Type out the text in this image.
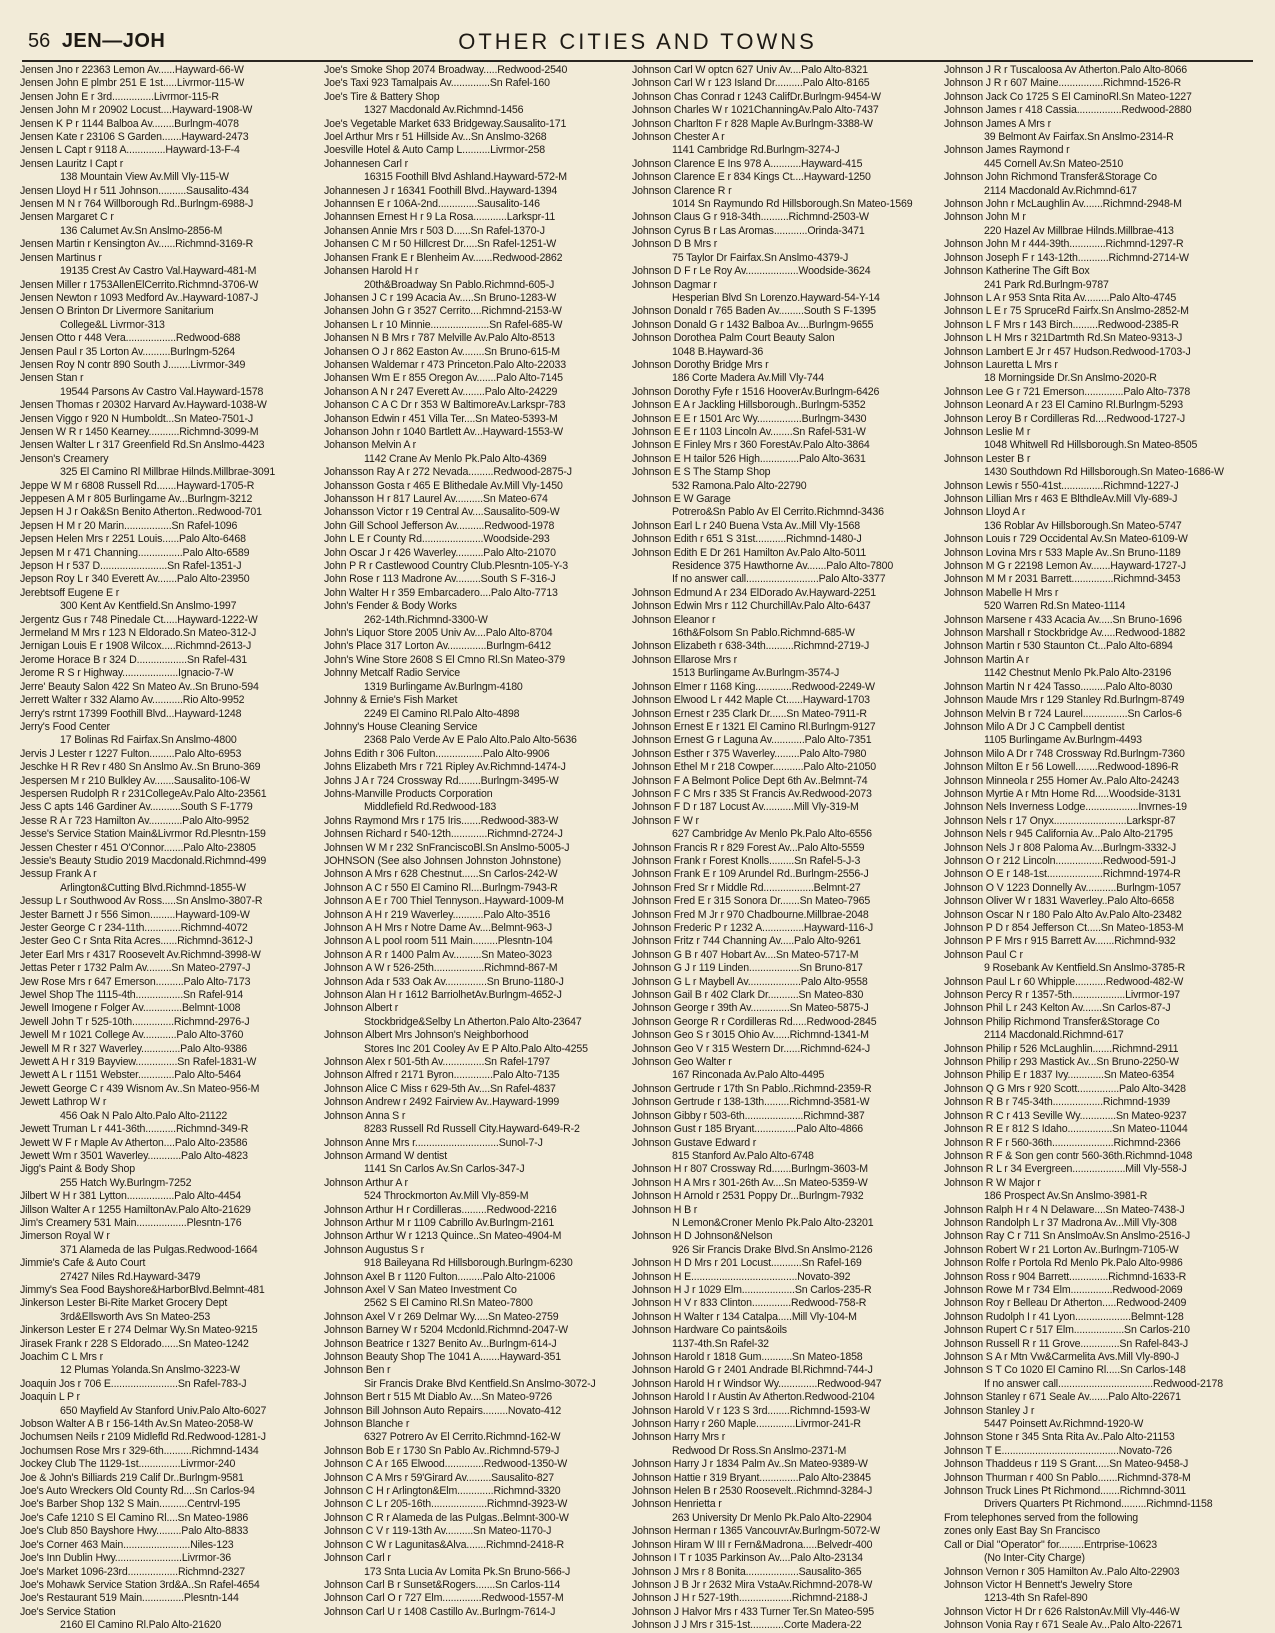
56 JEN—JOH	OTHER CITIES AND TOWNS
Jensen Jno r 22363 Lemon Av......Hayward-66-W
Jensen John E plmbr 251 E 1st.....Livrmor-115-W
Jensen John E r 3rd...............Livrmor-115-R
Jensen John M r 20902 Locust....Hayward-1908-W
Jensen K P r 1144 Balboa Av........Burlngm-4078
Jensen Kate r 23106 S Garden.......Hayward-2473
Jensen L Capt r 9118 A..............Hayward-13-F-4
Jensen Lauritz I Capt r
138 Mountain View Av.Mill Vly-115-W
Jensen Lloyd H r 511 Johnson..........Sausalito-434
Jensen M N r 764 Willborough Rd..Burlngm-6988-J
Jensen Margaret C r
136 Calumet Av.Sn Anslmo-2856-M
Jensen Martin r Kensington Av......Richmnd-3169-R
Jensen Martinus r
19135 Crest Av Castro Val.Hayward-481-M
Jensen Miller r 1753AllenElCerrito.Richmnd-3706-W
Jensen Newton r 1093 Medford Av..Hayward-1087-J
Jensen O Brinton Dr Livermore Sanitarium
College&L Livrmor-313
Jensen Otto r 448 Vera..................Redwood-688
Jensen Paul r 35 Lorton Av..........Burlngm-5264
Jensen Roy N contr 890 South J........Livrmor-349
Jensen Stan r
19544 Parsons Av Castro Val.Hayward-1578
Jensen Thomas r 20302 Harvard Av.Hayward-1038-W
Jensen Viggo r 920 N Humboldt...Sn Mateo-7501-J
Jensen W R r 1450 Kearney...........Richmnd-3099-M
Jensen Walter L r 317 Greenfield Rd.Sn Anslmo-4423
Jenson's Creamery
325 El Camino Rl Millbrae Hilnds.Millbrae-3091
Jeppe W M r 6808 Russell Rd.......Hayward-1705-R
Jeppesen A M r 805 Burlingame Av...Burlngm-3212
Jepsen H J r Oak&Sn Benito Atherton..Redwood-701
Jepsen H M r 20 Marin.................Sn Rafel-1096
Jepsen Helen Mrs r 2251 Louis......Palo Alto-6468
Jepsen M r 471 Channing................Palo Alto-6589
Jepson H r 537 D........................Sn Rafel-1351-J
Jepson Roy L r 340 Everett Av.......Palo Alto-23950
Jerebtsoff Eugene E r
300 Kent Av Kentfield.Sn Anslmo-1997
Jergentz Gus r 748 Pinedale Ct.....Hayward-1222-W
Jermeland M Mrs r 123 N Eldorado.Sn Mateo-312-J
Jernigan Louis E r 1908 Wilcox.....Richmnd-2613-J
Jerome Horace B r 324 D..................Sn Rafel-431
Jerome R S r Highway....................Ignacio-7-W
Jerre' Beauty Salon 422 Sn Mateo Av..Sn Bruno-594
Jerrett Walter r 332 Alamo Av...........Rio Alto-9952
Jerry's rstrnt 17399 Foothill Blvd...Hayward-1248
Jerry's Food Center
17 Bolinas Rd Fairfax.Sn Anslmo-4800
Jervis J Lester r 1227 Fulton.........Palo Alto-6953
Jeschke H R Rev r 480 Sn Anslmo Av..Sn Bruno-369
Jespersen M r 210 Bulkley Av.......Sausalito-106-W
Jespersen Rudolph R r 231CollegeAv.Palo Alto-23561
Jess C apts 146 Gardiner Av...........South S F-1779
Jesse R A r 723 Hamilton Av............Palo Alto-9952
Jesse's Service Station Main&Livrmor Rd.Plesntn-159
Jessen Chester r 451 O'Connor.......Palo Alto-23805
Jessie's Beauty Studio 2019 Macdonald.Richmnd-499
Jessup Frank A r
Arlington&Cutting Blvd.Richmnd-1855-W
Jessup L r Southwood Av Ross.....Sn Anslmo-3807-R
Jester Barnett J r 556 Simon.........Hayward-109-W
Jester George C r 234-11th.............Richmnd-4072
Jester Geo C r Snta Rita Acres......Richmnd-3612-J
Jeter Earl Mrs r 4317 Roosevelt Av.Richmnd-3998-W
Jettas Peter r 1732 Palm Av.........Sn Mateo-2797-J
Jew Rose Mrs r 647 Emerson..........Palo Alto-7173
Jewel Shop The 1115-4th.................Sn Rafel-914
Jewell Imogene r Folger Av..............Belmnt-1008
Jewell John T r 525-10th...............Richmnd-2976-J
Jewell M r 1021 College Av............Palo Alto-3760
Jewell M R r 327 Waverley..............Palo Alto-9386
Jewett A H r 319 Bayview...............Sn Rafel-1831-W
Jewett A L r 1151 Webster.............Palo Alto-5464
Jewett George C r 439 Wisnom Av..Sn Mateo-956-M
Jewett Lathrop W r
456 Oak N Palo Alto.Palo Alto-21122
Jewett Truman L r 441-36th...........Richmnd-349-R
Jewett W F r Maple Av Atherton....Palo Alto-23586
Jewett Wm r 3501 Waverley............Palo Alto-4823
Jigg's Paint & Body Shop
255 Hatch Wy.Burlngm-7252
Jilbert W H r 381 Lytton.................Palo Alto-4454
Jillson Walter A r 1255 HamiltonAv.Palo Alto-21629
Jim's Creamery 531 Main..................Plesntn-176
Jimerson Royal W r
371 Alameda de las Pulgas.Redwood-1664
Jimmie's Cafe & Auto Court
27427 Niles Rd.Hayward-3479
Jimmy's Sea Food Bayshore&HarborBlvd.Belmnt-481
Jinkerson Lester Bi-Rite Market Grocery Dept
3rd&Ellsworth Avs Sn Mateo-253
Jinkerson Lester E r 274 Delmar Wy.Sn Mateo-9215
Jirasek Frank r 228 S Eldorado......Sn Mateo-1242
Joachim C L Mrs r
12 Plumas Yolanda.Sn Anslmo-3223-W
Joaquin Jos r 706 E........................Sn Rafel-783-J
Joaquin L P r
650 Mayfield Av Stanford Univ.Palo Alto-6027
Jobson Walter A B r 156-14th Av.Sn Mateo-2058-W
Jochumsen Neils r 2109 Midlefld Rd.Redwood-1281-J
Jochumsen Rose Mrs r 329-6th..........Richmnd-1434
Jockey Club The 1129-1st...............Livrmor-240
Joe & John's Billiards 219 Calif Dr..Burlngm-9581
Joe's Auto Wreckers Old County Rd....Sn Carlos-94
Joe's Barber Shop 132 S Main..........Centrvl-195
Joe's Cafe 1210 S El Camino Rl....Sn Mateo-1986
Joe's Club 850 Bayshore Hwy.........Palo Alto-8833
Joe's Corner 463 Main........................Niles-123
Joe's Inn Dublin Hwy........................Livrmor-36
Joe's Market 1096-23rd..................Richmnd-2327
Joe's Mohawk Service Station 3rd&A..Sn Rafel-4654
Joe's Restaurant 519 Main...............Plesntn-144
Joe's Service Station
2160 El Camino Rl.Palo Alto-21620
Joe's Smoke Shop 2074 Broadway.....Redwood-2540
Joe's Taxi 923 Tamalpais Av..............Sn Rafel-160
Joe's Tire & Battery Shop
1327 Macdonald Av.Richmnd-1456
Joe's Vegetable Market 633 Bridgeway.Sausalito-171
Joel Arthur Mrs r 51 Hillside Av...Sn Anslmo-3268
Joesville Hotel & Auto Camp L..........Livrmor-258
Johannesen Carl r
16315 Foothill Blvd Ashland.Hayward-572-M
Johannesen J r 16341 Foothill Blvd..Hayward-1394
Johannsen E r 106A-2nd..............Sausalito-146
Johannsen Ernest H r 9 La Rosa............Larkspr-11
Johansen Annie Mrs r 503 D......Sn Rafel-1370-J
Johansen C M r 50 Hillcrest Dr.....Sn Rafel-1251-W
Johansen Frank E r Blenheim Av.......Redwood-2862
Johansen Harold H r
20th&Broadway Sn Pablo.Richmnd-605-J
Johansen J C r 199 Acacia Av.....Sn Bruno-1283-W
Johansen John G r 3527 Cerrito....Richmnd-2153-W
Johansen L r 10 Minnie.....................Sn Rafel-685-W
Johansen N B Mrs r 787 Melville Av.Palo Alto-8513
Johansen O J r 862 Easton Av........Sn Bruno-615-M
Johansen Waldemar r 473 Princeton.Palo Alto-22033
Johansen Wm E r 855 Oregon Av.......Palo Alto-7145
Johanson A N r 247 Everett Av........Palo Alto-24229
Johanson C A C Dr r 353 W BaltimoreAv.Larkspr-783
Johanson Edwin r 451 Villa Ter....Sn Mateo-5393-M
Johanson John r 1040 Bartlett Av...Hayward-1553-W
Johanson Melvin A r
1142 Crane Av Menlo Pk.Palo Alto-4369
Johansson Ray A r 272 Nevada.........Redwood-2875-J
Johansson Gosta r 465 E Blithedale Av.Mill Vly-1450
Johansson H r 817 Laurel Av..........Sn Mateo-674
Johansson Victor r 19 Central Av....Sausalito-509-W
John Gill School Jefferson Av..........Redwood-1978
John L E r County Rd......................Woodside-293
John Oscar J r 426 Waverley..........Palo Alto-21070
John P R r Castlewood Country Club.Plesntn-105-Y-3
John Rose r 113 Madrone Av.........South S F-316-J
John Walter H r 359 Embarcadero....Palo Alto-7713
John's Fender & Body Works
262-14th.Richmnd-3300-W
John's Liquor Store 2005 Univ Av....Palo Alto-8704
John's Place 317 Lorton Av..............Burlngm-6412
John's Wine Store 2608 S El Cmno Rl.Sn Mateo-379
Johnny Metcalf Radio Service
1319 Burlingame Av.Burlngm-4180
Johnny & Ernie's Fish Market
2249 El Camino Rl.Palo Alto-4898
Johnny's House Cleaning Service
2368 Palo Verde Av E Palo Alto.Palo Alto-5636
Johns Edith r 306 Fulton.................Palo Alto-9906
Johns Elizabeth Mrs r 721 Ripley Av.Richmnd-1474-J
Johns J A r 724 Crossway Rd........Burlngm-3495-W
Johns-Manville Products Corporation
Middlefield Rd.Redwood-183
Johns Raymond Mrs r 175 Iris.......Redwood-383-W
Johnsen Richard r 540-12th.............Richmnd-2724-J
Johnsen W M r 232 SnFranciscoBl.Sn Anslmo-5005-J
JOHNSON (See also Johnsen Johnston Johnstone)
Johnson A Mrs r 628 Chestnut......Sn Carlos-242-W
Johnson A C r 550 El Camino Rl....Burlngm-7943-R
Johnson A E r 700 Thiel Tennyson..Hayward-1009-M
Johnson A H r 219 Waverley...........Palo Alto-3516
Johnson A H Mrs r Notre Dame Av....Belmnt-963-J
Johnson A L pool room 511 Main.........Plesntn-104
Johnson A R r 1400 Palm Av..........Sn Mateo-3023
Johnson A W r 526-25th..................Richmnd-867-M
Johnson Ada r 533 Oak Av...............Sn Bruno-1180-J
Johnson Alan H r 1612 BarriolhetAv.Burlngm-4652-J
Johnson Albert r
Stockbridge&Selby Ln Atherton.Palo Alto-23647
Johnson Albert Mrs Johnson's Neighborhood
Stores Inc 201 Cooley Av E P Alto.Palo Alto-4255
Johnson Alex r 501-5th Av...............Sn Rafel-1797
Johnson Alfred r 2171 Byron..............Palo Alto-7135
Johnson Alice C Miss r 629-5th Av....Sn Rafel-4837
Johnson Andrew r 2492 Fairview Av..Hayward-1999
Johnson Anna S r
8283 Russell Rd Russell City.Hayward-649-R-2
Johnson Anne Mrs r..............................Sunol-7-J
Johnson Armand W dentist
1141 Sn Carlos Av.Sn Carlos-347-J
Johnson Arthur A r
524 Throckmorton Av.Mill Vly-859-M
Johnson Arthur H r Cordilleras.........Redwood-2216
Johnson Arthur M r 1109 Cabrillo Av.Burlngm-2161
Johnson Arthur W r 1213 Quince..Sn Mateo-4904-M
Johnson Augustus S r
918 Baileyana Rd Hillsborough.Burlngm-6230
Johnson Axel B r 1120 Fulton.........Palo Alto-21006
Johnson Axel V San Mateo Investment Co
2562 S El Camino Rl.Sn Mateo-7800
Johnson Axel V r 269 Delmar Wy.....Sn Mateo-2759
Johnson Barney W r 5204 Mcdonld.Richmnd-2047-W
Johnson Beatrice r 1327 Benito Av...Burlngm-614-J
Johnson Beauty Shop The 1041 A.......Hayward-351
Johnson Ben r
Sir Francis Drake Blvd Kentfield.Sn Anslmo-3072-J
Johnson Bert r 515 Mt Diablo Av....Sn Mateo-9726
Johnson Bill Johnson Auto Repairs.........Novato-412
Johnson Blanche r
6327 Potrero Av El Cerrito.Richmnd-162-W
Johnson Bob E r 1730 Sn Pablo Av..Richmnd-579-J
Johnson C A r 165 Elwood..............Redwood-1350-W
Johnson C A Mrs r 59'Girard Av.........Sausalito-827
Johnson C H r Arlington&Elm.............Richmnd-3320
Johnson C L r 205-16th....................Richmnd-3923-W
Johnson C R r Alameda de las Pulgas..Belmnt-300-W
Johnson C V r 119-13th Av..........Sn Mateo-1170-J
Johnson C W r Lagunitas&Alva.......Richmnd-2418-R
Johnson Carl r
173 Snta Lucia Av Lomita Pk.Sn Bruno-566-J
Johnson Carl B r Sunset&Rogers.......Sn Carlos-114
Johnson Carl O r 727 Elm..............Redwood-1557-M
Johnson Carl U r 1408 Castillo Av..Burlngm-7614-J
Johnson Carl W optcn 627 Univ Av....Palo Alto-8321
Johnson Carl W r 123 Island Dr..........Palo Alto-8165
Johnson Chas Conrad r 1243 CalifDr.Burlngm-9454-W
Johnson Charles W r 1021ChanningAv.Palo Alto-7437
Johnson Charlton F r 828 Maple Av.Burlngm-3388-W
Johnson Chester A r
1141 Cambridge Rd.Burlngm-3274-J
Johnson Clarence E Ins 978 A...........Hayward-415
Johnson Clarence E r 834 Kings Ct....Hayward-1250
Johnson Clarence R r
1014 Sn Raymundo Rd Hillsborough.Sn Mateo-1569
Johnson Claus G r 918-34th..........Richmnd-2503-W
Johnson Cyrus B r Las Aromas............Orinda-3471
Johnson D B Mrs r
75 Taylor Dr Fairfax.Sn Anslmo-4379-J
Johnson D F r Le Roy Av...................Woodside-3624
Johnson Dagmar r
Hesperian Blvd Sn Lorenzo.Hayward-54-Y-14
Johnson Donald r 765 Baden Av.........South S F-1395
Johnson Donald G r 1432 Balboa Av....Burlngm-9655
Johnson Dorothea Palm Court Beauty Salon
1048 B.Hayward-36
Johnson Dorothy Bridge Mrs r
186 Corte Madera Av.Mill Vly-744
Johnson Dorothy Fyfe r 1516 HooverAv.Burlngm-6426
Johnson E A r Jackling Hillsborough..Burlngm-5352
Johnson E E r 1501 Arc Wy................Burlngm-3430
Johnson E E r 1103 Lincoln Av........Sn Rafel-531-W
Johnson E Finley Mrs r 360 ForestAv.Palo Alto-3864
Johnson E H tailor 526 High..............Palo Alto-3631
Johnson E S The Stamp Shop
532 Ramona.Palo Alto-22790
Johnson E W Garage
Potrero&Sn Pablo Av El Cerrito.Richmnd-3436
Johnson Earl L r 240 Buena Vsta Av..Mill Vly-1568
Johnson Edith r 651 S 31st...........Richmnd-1480-J
Johnson Edith E Dr 261 Hamilton Av.Palo Alto-5011
Residence 375 Hawthorne Av.......Palo Alto-7800
If no answer call..........................Palo Alto-3377
Johnson Edmund A r 234 ElDorado Av.Hayward-2251
Johnson Edwin Mrs r 112 ChurchillAv.Palo Alto-6437
Johnson Eleanor r
16th&Folsom Sn Pablo.Richmnd-685-W
Johnson Elizabeth r 638-34th..........Richmnd-2719-J
Johnson Ellarose Mrs r
1513 Burlingame Av.Burlngm-3574-J
Johnson Elmer r 1168 King.............Redwood-2249-W
Johnson Elwood L r 442 Maple Ct......Hayward-1703
Johnson Ernest r 235 Clark Dr......Sn Mateo-7911-R
Johnson Ernest E r 1321 El Camino Rl.Burlngm-9127
Johnson Ernest G r Laguna Av............Palo Alto-7351
Johnson Esther r 375 Waverley.........Palo Alto-7980
Johnson Ethel M r 218 Cowper...........Palo Alto-21050
Johnson F A Belmont Police Dept 6th Av..Belmnt-74
Johnson F C Mrs r 335 St Francis Av.Redwood-2073
Johnson F D r 187 Locust Av...........Mill Vly-319-M
Johnson F W r
627 Cambridge Av Menlo Pk.Palo Alto-6556
Johnson Francis R r 829 Forest Av...Palo Alto-5559
Johnson Frank r Forest Knolls.........Sn Rafel-5-J-3
Johnson Frank E r 109 Arundel Rd..Burlngm-2556-J
Johnson Fred Sr r Middle Rd..................Belmnt-27
Johnson Fred E r 315 Sonora Dr.......Sn Mateo-7965
Johnson Fred M Jr r 970 Chadbourne.Millbrae-2048
Johnson Frederic P r 1232 A...............Hayward-116-J
Johnson Fritz r 744 Channing Av.....Palo Alto-9261
Johnson G B r 407 Hobart Av....Sn Mateo-5717-M
Johnson G J r 119 Linden..................Sn Bruno-817
Johnson G L r Maybell Av...................Palo Alto-9558
Johnson Gail B r 402 Clark Dr...........Sn Mateo-830
Johnson George r 39th Av..............Sn Mateo-5875-J
Johnson George R r Cordilleras Rd.....Redwood-2845
Johnson Geo S r 3015 Ohio Av......Richmnd-1341-M
Johnson Geo V r 315 Western Dr......Richmnd-624-J
Johnson Geo Walter r
167 Rinconada Av.Palo Alto-4495
Johnson Gertrude r 17th Sn Pablo..Richmnd-2359-R
Johnson Gertrude r 138-13th.........Richmnd-3581-W
Johnson Gibby r 503-6th.....................Richmnd-387
Johnson Gust r 185 Bryant...............Palo Alto-4866
Johnson Gustave Edward r
815 Stanford Av.Palo Alto-6748
Johnson H r 807 Crossway Rd.......Burlngm-3603-M
Johnson H A Mrs r 301-26th Av....Sn Mateo-5359-W
Johnson H Arnold r 2531 Poppy Dr...Burlngm-7932
Johnson H B r
N Lemon&Croner Menlo Pk.Palo Alto-23201
Johnson H D Johnson&Nelson
926 Sir Francis Drake Blvd.Sn Anslmo-2126
Johnson H D Mrs r 201 Locust...........Sn Rafel-169
Johnson H E......................................Novato-392
Johnson H J r 1029 Elm...................Sn Carlos-235-R
Johnson H V r 833 Clinton..............Redwood-758-R
Johnson H Walter r 134 Catalpa.....Mill Vly-104-M
Johnson Hardware Co paints&oils
1137-4th.Sn Rafel-32
Johnson Harold r 1818 Gum...........Sn Mateo-1858
Johnson Harold G r 2401 Andrade Bl.Richmnd-744-J
Johnson Harold H r Windsor Wy..............Redwood-947
Johnson Harold I r Austin Av Atherton.Redwood-2104
Johnson Harold V r 123 S 3rd........Richmnd-1593-W
Johnson Harry r 260 Maple..............Livrmor-241-R
Johnson Harry Mrs r
Redwood Dr Ross.Sn Anslmo-2371-M
Johnson Harry J r 1834 Palm Av..Sn Mateo-9389-W
Johnson Hattie r 319 Bryant..............Palo Alto-23845
Johnson Helen B r 2530 Roosevelt..Richmnd-3284-J
Johnson Henrietta r
263 University Dr Menlo Pk.Palo Alto-22904
Johnson Herman r 1365 VancouvrAv.Burlngm-5072-W
Johnson Hiram W III r Fern&Madrona.....Belvedr-400
Johnson I T r 1035 Parkinson Av....Palo Alto-23134
Johnson J Mrs r 8 Bonita...................Sausalito-365
Johnson J B Jr r 2632 Mira VstaAv.Richmnd-2078-W
Johnson J H r 527-19th...................Richmnd-2188-J
Johnson J Halvor Mrs r 433 Turner Ter.Sn Mateo-595
Johnson J J Mrs r 315-1st............Corte Madera-22
Johnson J R r Tuscaloosa Av Atherton.Palo Alto-8066
Johnson J R r 607 Maine................Richmnd-1526-R
Johnson Jack Co 1725 S El CaminoRl.Sn Mateo-1227
Johnson James r 418 Cassia................Redwood-2880
Johnson James A Mrs r
39 Belmont Av Fairfax.Sn Anslmo-2314-R
Johnson James Raymond r
445 Cornell Av.Sn Mateo-2510
Johnson John Richmond Transfer&Storage Co
2114 Macdonald Av.Richmnd-617
Johnson John r McLaughlin Av.......Richmnd-2948-M
Johnson John M r
220 Hazel Av Millbrae Hilnds.Millbrae-413
Johnson John M r 444-39th.............Richmnd-1297-R
Johnson Joseph F r 143-12th...........Richmnd-2714-W
Johnson Katherine The Gift Box
241 Park Rd.Burlngm-9787
Johnson L A r 953 Snta Rita Av.........Palo Alto-4745
Johnson L E r 75 SpruceRd Fairfx.Sn Anslmo-2852-M
Johnson L F Mrs r 143 Birch.........Redwood-2385-R
Johnson L H Mrs r 321Dartmth Rd.Sn Mateo-9313-J
Johnson Lambert E Jr r 457 Hudson.Redwood-1703-J
Johnson Lauretta L Mrs r
18 Morningside Dr.Sn Anslmo-2020-R
Johnson Lee G r 721 Emerson..............Palo Alto-7378
Johnson Leonard A r 23 El Camino Rl.Burlngm-5293
Johnson Leroy B r Cordilleras Rd....Redwood-1727-J
Johnson Leslie M r
1048 Whitwell Rd Hillsborough.Sn Mateo-8505
Johnson Lester B r
1430 Southdown Rd Hillsborough.Sn Mateo-1686-W
Johnson Lewis r 550-41st...............Richmnd-1227-J
Johnson Lillian Mrs r 463 E BlthdleAv.Mill Vly-689-J
Johnson Lloyd A r
136 Roblar Av Hillsborough.Sn Mateo-5747
Johnson Louis r 729 Occidental Av.Sn Mateo-6109-W
Johnson Lovina Mrs r 533 Maple Av..Sn Bruno-1189
Johnson M G r 22198 Lemon Av.......Hayward-1727-J
Johnson M M r 2031 Barrett...............Richmnd-3453
Johnson Mabelle H Mrs r
520 Warren Rd.Sn Mateo-1114
Johnson Marsene r 433 Acacia Av.....Sn Bruno-1696
Johnson Marshall r Stockbridge Av.....Redwood-1882
Johnson Martin r 530 Staunton Ct...Palo Alto-6894
Johnson Martin A r
1142 Chestnut Menlo Pk.Palo Alto-23196
Johnson Martin N r 424 Tasso.........Palo Alto-8030
Johnson Maude Mrs r 129 Stanley Rd.Burlngm-8749
Johnson Melvin B r 724 Laurel................Sn Carlos-6
Johnson Milo A Dr J C Campbell dentist
1105 Burlingame Av.Burlngm-4493
Johnson Milo A Dr r 748 Crossway Rd.Burlngm-7360
Johnson Milton E r 56 Lowell........Redwood-1896-R
Johnson Minneola r 255 Homer Av..Palo Alto-24243
Johnson Myrtie A r Mtn Home Rd.....Woodside-3131
Johnson Nels Inverness Lodge...................Invrnes-19
Johnson Nels r 17 Onyx..........................Larkspr-87
Johnson Nels r 945 California Av...Palo Alto-21795
Johnson Nels J r 808 Paloma Av....Burlngm-3332-J
Johnson O r 212 Lincoln.................Redwood-591-J
Johnson O E r 148-1st....................Richmnd-1974-R
Johnson O V 1223 Donnelly Av...........Burlngm-1057
Johnson Oliver W r 1831 Waverley..Palo Alto-6658
Johnson Oscar N r 180 Palo Alto Av.Palo Alto-23482
Johnson P D r 854 Jefferson Ct.....Sn Mateo-1853-M
Johnson P F Mrs r 915 Barrett Av.......Richmnd-932
Johnson Paul C r
9 Rosebank Av Kentfield.Sn Anslmo-3785-R
Johnson Paul L r 60 Whipple...........Redwood-482-W
Johnson Percy R r 1357-5th...................Livrmor-197
Johnson Phil L r 243 Kelton Av.......Sn Carlos-87-J
Johnson Philip Richmond Transfer&Storage Co
2114 Macdonald.Richmnd-617
Johnson Philip r 526 McLaughlin.......Richmnd-2911
Johnson Philip r 293 Mastick Av...Sn Bruno-2250-W
Johnson Philip E r 1837 Ivy.............Sn Mateo-6354
Johnson Q G Mrs r 920 Scott...............Palo Alto-3428
Johnson R B r 745-34th..................Richmnd-1939
Johnson R C r 413 Seville Wy.............Sn Mateo-9237
Johnson R E r 812 S Idaho................Sn Mateo-11044
Johnson R F r 560-36th......................Richmnd-2366
Johnson R F & Son gen contr 560-36th.Richmnd-1048
Johnson R L r 34 Evergreen...................Mill Vly-558-J
Johnson R W Major r
186 Prospect Av.Sn Anslmo-3981-R
Johnson Ralph H r 4 N Delaware....Sn Mateo-7438-J
Johnson Randolph L r 37 Madrona Av...Mill Vly-308
Johnson Ray C r 711 Sn AnslmoAv.Sn Anslmo-2516-J
Johnson Robert W r 21 Lorton Av..Burlngm-7105-W
Johnson Rolfe r Portola Rd Menlo Pk.Palo Alto-9986
Johnson Ross r 904 Barrett..............Richmnd-1633-R
Johnson Rowe M r 734 Elm...............Redwood-2069
Johnson Roy r Belleau Dr Atherton.....Redwood-2409
Johnson Rudolph I r 41 Lyon....................Belmnt-128
Johnson Rupert C r 517 Elm..................Sn Carlos-210
Johnson Russell R r 11 Grove..............Sn Rafel-843-J
Johnson S A r Mtn Vw&Carmelita Avs.Mill Vly-890-J
Johnson S T Co 1020 El Camino Rl.....Sn Carlos-148
If no answer call..................................Redwood-2178
Johnson Stanley r 671 Seale Av.......Palo Alto-22671
Johnson Stanley J r
5447 Poinsett Av.Richmnd-1920-W
Johnson Stone r 345 Snta Rita Av..Palo Alto-21153
Johnson T E..........................................Novato-726
Johnson Thaddeus r 119 S Grant.....Sn Mateo-9458-J
Johnson Thurman r 400 Sn Pablo.......Richmnd-378-M
Johnson Truck Lines Pt Richmond.......Richmnd-3011
Drivers Quarters Pt Richmond.........Richmnd-1158
From telephones served from the following
zones only East Bay Sn Francisco
Call or Dial "Operator" for.........Entrprise-10623
(No Inter-City Charge)
Johnson Vernon r 305 Hamilton Av..Palo Alto-22903
Johnson Victor H Bennett's Jewelry Store
1213-4th Sn Rafel-890
Johnson Victor H Dr r 626 RalstonAv.Mill Vly-446-W
Johnson Vonia Ray r 671 Seale Av...Palo Alto-22671
